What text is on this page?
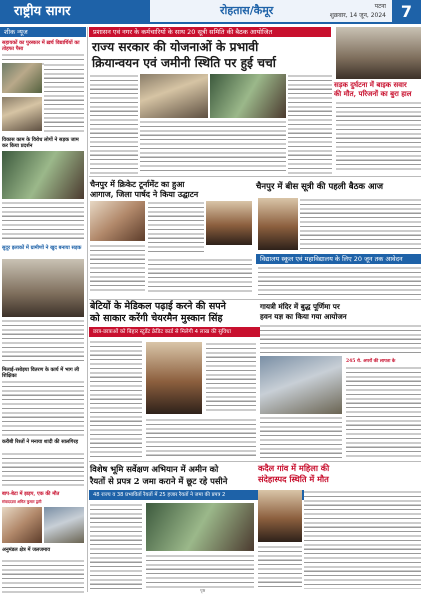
राष्ट्रीय सागर	रोहतास/कैमूर	पटना
शुक्रवार, 14 जून, 2024 7
शीक न्यूज
सहायकों का पुरस्कार में ख़र्च विद्यार्थियों का तोहफा पैसा
विकास काम के विरोध लोगों ने सड़क जाम कर किया प्रदर्शन
सुदूर इलाकों में ग्रामीणों ने खुद बनाया सड़क
मिलाई-रसोइया वितरण के कार्य में भाग ली शिक्षिका
करीबी रिश्तों ने मनाया शादी की सालगिरह
बाप-बेटा में झड़प, एक की मौत
संवाददाता अमित कुमार द्वारी
अनुमंडल क्षेत्र में जलजमाव
प्रशासन एवं नगर के कर्मचारियों के साथ 20 सूत्री समिति की बैठक आयोजित
राज्य सरकार की योजनाओं के प्रभावी
क्रियान्वयन एवं जमीनी स्थिति पर हुई चर्चा
सड़क दुर्घटना में बाइक सवार
की मौत, परिजनों का बुरा हाल
चैनपुर में क्रिकेट टूर्नामेंट का हुआ
आगाज, जिला पार्षद ने किया उद्घाटन
चैनपुर में बीस सूत्री की पहली बैठक आज
विद्यालय स्कूल एवं महाविद्यालय के लिए 20 जून तक आवेदन
बेटियों के मेडिकल पढ़ाई करने की सपने
को साकार करेंगी चेयरमैन मुस्कान सिंह
छात्र-छात्राओं को बिहार स्टूडेंट क्रेडिट कार्ड से मिलेगी 4 लाख की सुविधा
गायत्री मंदिर में बुद्ध पूर्णिमा पर
हवन यज्ञ का किया गया आयोजन
245 रो. अपरों की लापता के
विशेष भूमि सर्वेक्षण अभियान में अमीन को
रैयतों से प्रपत्र 2 जमा कराने में छूट रहे पसीने
48 राज्य व 38 प्रभावितों रैयतों में 25 हजार रैयतों ने जमा की प्रपत्र 2
कदैल गांव में महिला की
संदेहास्पद स्थिति में मौत
पृष्ठ
